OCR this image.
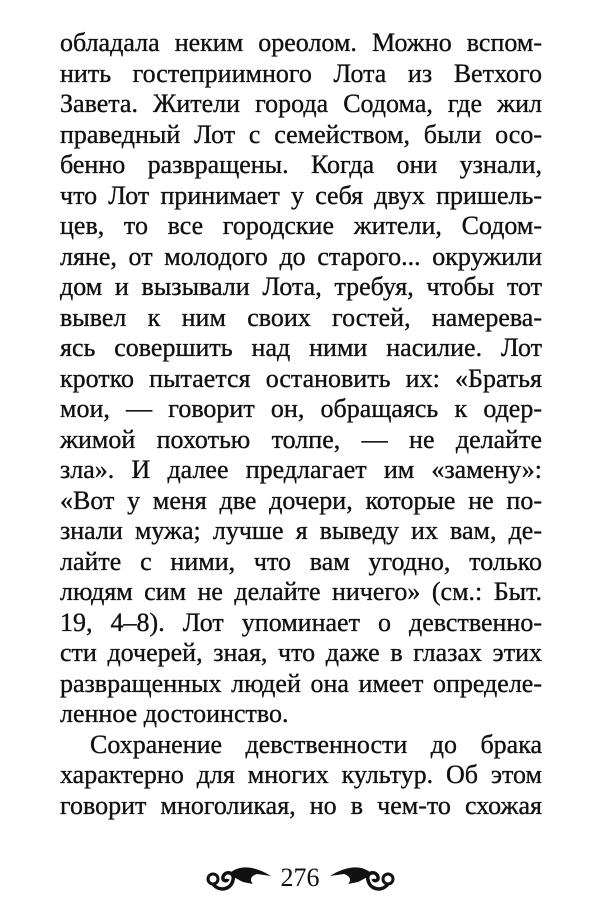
обладала неким ореолом. Можно вспом-
нить гостеприимного Лота из Ветхого
Завета. Жители города Содома, где жил
праведный Лот с семейством, были осо-
бенно развращены. Когда они узнали,
что Лот принимает у себя двух пришель-
цев, то все городские жители, Содом-
ляне, от молодого до старого... окружили
дом и вызывали Лота, требуя, чтобы тот
вывел к ним своих гостей, намерева-
ясь совершить над ними насилие. Лот
кротко пытается остановить их: «Братья
мои, — говорит он, обращаясь к одер-
жимой похотью толпе, — не делайте
зла». И далее предлагает им «замену»:
«Вот у меня две дочери, которые не по-
знали мужа; лучше я выведу их вам, де-
лайте с ними, что вам угодно, только
людям сим не делайте ничего» (см.: Быт.
19, 4–8). Лот упоминает о девственно-
сти дочерей, зная, что даже в глазах этих
развращенных людей она имеет определе-
ленное достоинство.
Сохранение девственности до брака
характерно для многих культур. Об этом
говорит многоликая, но в чем-то схожая
276
